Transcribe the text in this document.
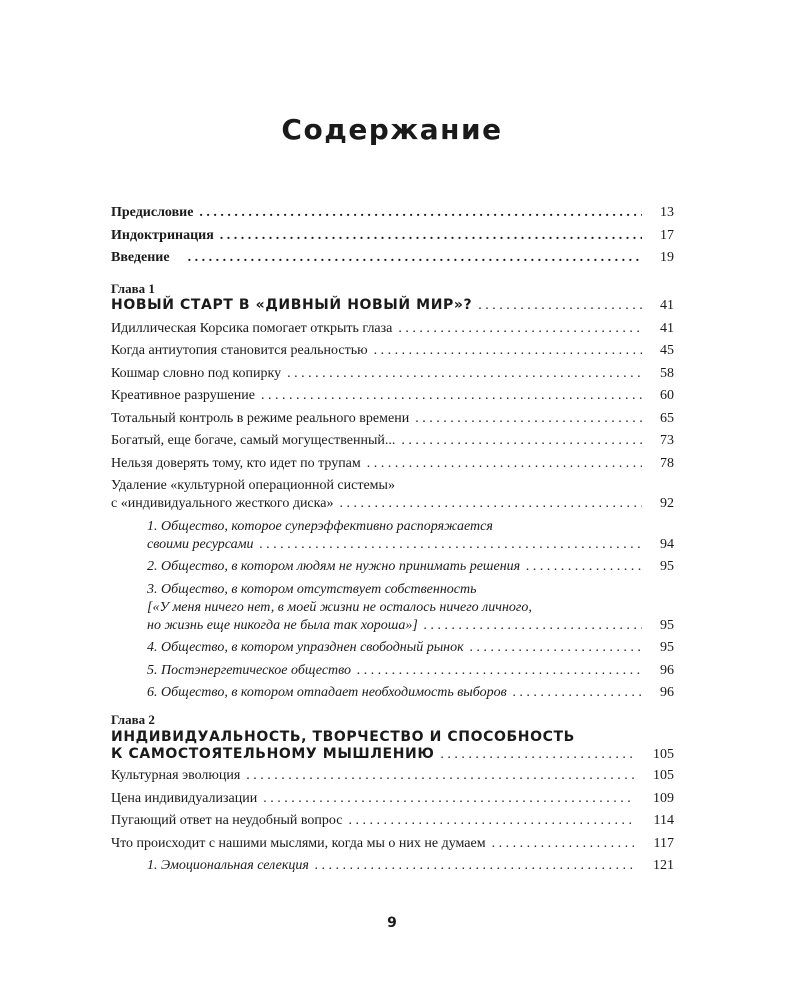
Содержание
Предисловие . . .	13
Индоктринация . . .	17
Введение . . .	19
Глава 1
НОВЫЙ СТАРТ В «ДИВНЫЙ НОВЫЙ МИР»? . . .	41
Идиллическая Корсика помогает открыть глаза . . .	41
Когда антиутопия становится реальностью . . .	45
Кошмар словно под копирку . . .	58
Креативное разрушение . . .	60
Тотальный контроль в режиме реального времени . . .	65
Богатый, еще богаче, самый могущественный... . . .	73
Нельзя доверять тому, кто идет по трупам . . .	78
Удаление «культурной операционной системы»
с «индивидуального жесткого диска» . . .	92
1. Общество, которое суперэффективно распоряжается
своими ресурсами . . .	94
2. Общество, в котором людям не нужно принимать решения . . .	95
3. Общество, в котором отсутствует собственность
[«У меня ничего нет, в моей жизни не осталось ничего личного,
но жизнь еще никогда не была так хороша»] . . .	95
4. Общество, в котором упразднен свободный рынок . . .	95
5. Постэнергетическое общество . . .	96
6. Общество, в котором отпадает необходимость выборов . . .	96
Глава 2
ИНДИВИДУАЛЬНОСТЬ, ТВОРЧЕСТВО И СПОСОБНОСТЬ
К САМОСТОЯТЕЛЬНОМУ МЫШЛЕНИЮ . . .	105
Культурная эволюция . . .	105
Цена индивидуализации . . .	109
Пугающий ответ на неудобный вопрос . . .	114
Что происходит с нашими мыслями, когда мы о них не думаем . . .	117
1. Эмоциональная селекция . . .	121
9
